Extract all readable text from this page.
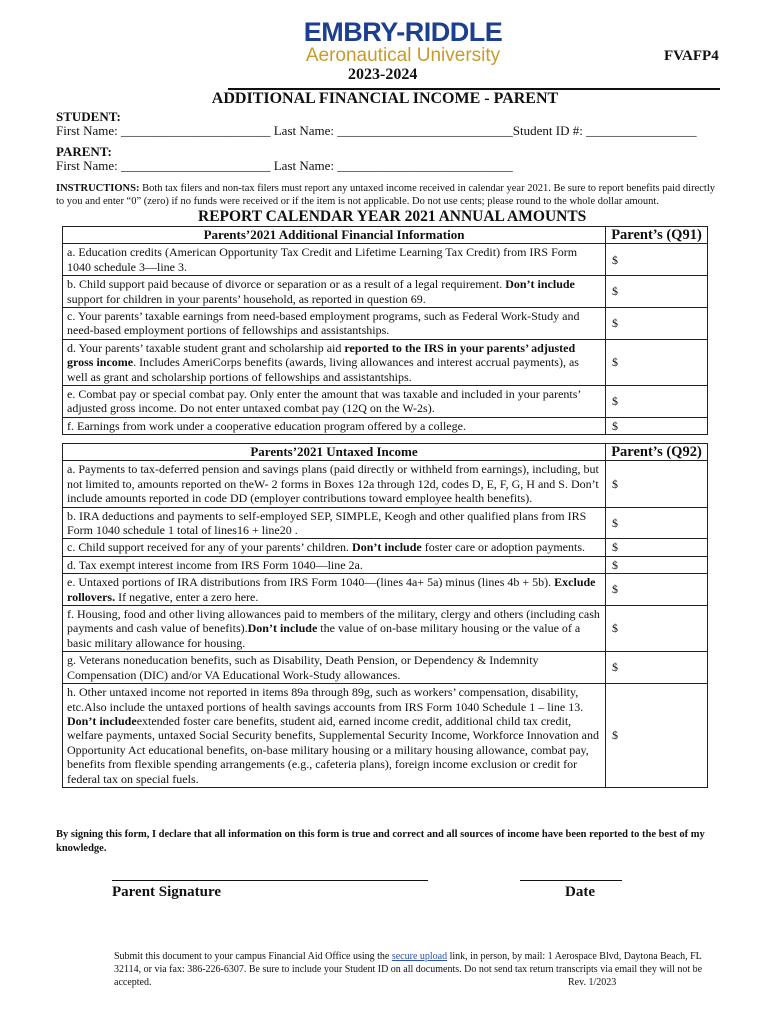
EMBRY-RIDDLE
Aeronautical University	FVAFP4
2023-2024
ADDITIONAL FINANCIAL INCOME - PARENT
STUDENT:
First Name: _______________________ Last Name: ___________________________Student ID #: _________________
PARENT:
First Name: _______________________ Last Name: ___________________________
INSTRUCTIONS: Both tax filers and non-tax filers must report any untaxed income received in calendar year 2021. Be sure to report benefits paid directly to you and enter “0” (zero) if no funds were received or if the item is not applicable. Do not use cents; please round to the whole dollar amount.
REPORT CALENDAR YEAR 2021 ANNUAL AMOUNTS
Parents’2021 Additional Financial Information	Parent’s (Q91)
a. Education credits (American Opportunity Tax Credit and Lifetime Learning Tax Credit) from IRS Form 1040 schedule 3—line 3.	$
b. Child support paid because of divorce or separation or as a result of a legal requirement. Don’t include support for children in your parents’ household, as reported in question 69.	$
c. Your parents’ taxable earnings from need-based employment programs, such as Federal Work-Study and need-based employment portions of fellowships and assistantships.	$
d. Your parents’ taxable student grant and scholarship aid reported to the IRS in your parents’ adjusted gross income. Includes AmeriCorps benefits (awards, living allowances and interest accrual payments), as well as grant and scholarship portions of fellowships and assistantships.	$
e. Combat pay or special combat pay. Only enter the amount that was taxable and included in your parents’ adjusted gross income. Do not enter untaxed combat pay (12Q on the W-2s).	$
f. Earnings from work under a cooperative education program offered by a college.	$
Parents’2021 Untaxed Income	Parent’s (Q92)
a. Payments to tax-deferred pension and savings plans (paid directly or withheld from earnings), including, but not limited to, amounts reported on theW- 2 forms in Boxes 12a through 12d, codes D, E, F, G, H and S. Don’t include amounts reported in code DD (employer contributions toward employee health benefits).	$
b. IRA deductions and payments to self-employed SEP, SIMPLE, Keogh and other qualified plans from IRS Form 1040 schedule 1 total of lines16 + line20 .	$
c. Child support received for any of your parents’ children. Don’t include foster care or adoption payments.	$
d. Tax exempt interest income from IRS Form 1040—line 2a.	$
e. Untaxed portions of IRA distributions from IRS Form 1040—(lines 4a+ 5a) minus (lines 4b + 5b). Exclude rollovers. If negative, enter a zero here.	$
f. Housing, food and other living allowances paid to members of the military, clergy and others (including cash payments and cash value of benefits).Don’t include the value of on-base military housing or the value of a basic military allowance for housing.	$
g. Veterans noneducation benefits, such as Disability, Death Pension, or Dependency & Indemnity Compensation (DIC) and/or VA Educational Work-Study allowances.	$
h. Other untaxed income not reported in items 89a through 89g, such as workers’ compensation, disability, etc.Also include the untaxed portions of health savings accounts from IRS Form 1040 Schedule 1 – line 13. Don’t includeextended foster care benefits, student aid, earned income credit, additional child tax credit, welfare payments, untaxed Social Security benefits, Supplemental Security Income, Workforce Innovation and Opportunity Act educational benefits, on-base military housing or a military housing allowance, combat pay, benefits from flexible spending arrangements (e.g., cafeteria plans), foreign income exclusion or credit for federal tax on special fuels.	$
By signing this form, I declare that all information on this form is true and correct and all sources of income have been reported to the best of my knowledge.
Parent Signature	Date
Submit this document to your campus Financial Aid Office using the secure upload link, in person, by mail: 1 Aerospace Blvd, Daytona Beach, FL 32114, or via fax: 386-226-6307. Be sure to include your Student ID on all documents. Do not send tax return transcripts via email they will not be accepted.	Rev. 1/2023
